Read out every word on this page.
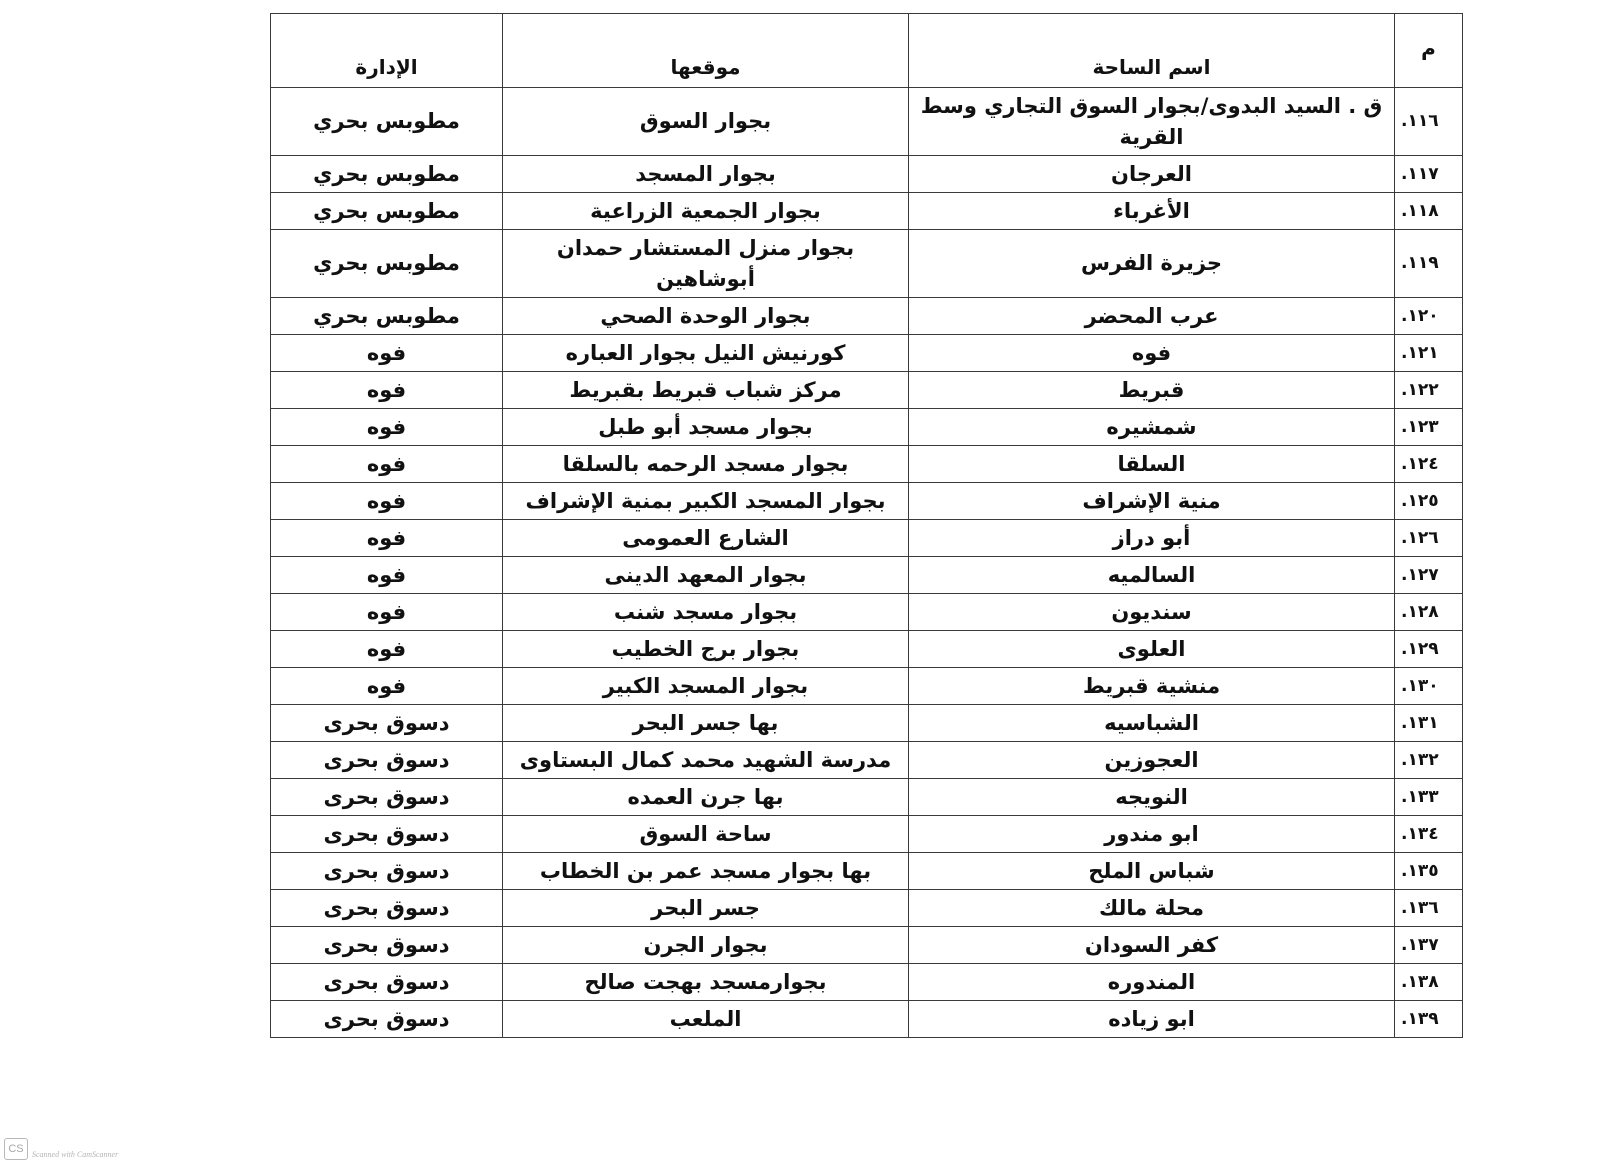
م	اسم الساحة	موقعها	الإدارة
١١٦.	ق . السيد البدوى/بجوار السوق التجاري وسط القرية	بجوار السوق	مطوبس بحري
١١٧.	العرجان	بجوار المسجد	مطوبس بحري
١١٨.	الأغرباء	بجوار الجمعية الزراعية	مطوبس بحري
١١٩.	جزيرة الفرس	بجوار منزل المستشار حمدان أبوشاهين	مطوبس بحري
١٢٠.	عرب المحضر	بجوار الوحدة الصحي	مطوبس بحري
١٢١.	فوه	كورنيش النيل بجوار العباره	فوه
١٢٢.	قبريط	مركز شباب قبريط بقبريط	فوه
١٢٣.	شمشيره	بجوار مسجد أبو طبل	فوه
١٢٤.	السلقا	بجوار مسجد الرحمه بالسلقا	فوه
١٢٥.	منية الإشراف	بجوار المسجد الكبير بمنية الإشراف	فوه
١٢٦.	أبو دراز	الشارع العمومى	فوه
١٢٧.	السالميه	بجوار المعهد الدينى	فوه
١٢٨.	سنديون	بجوار مسجد شنب	فوه
١٢٩.	العلوى	بجوار برج الخطيب	فوه
١٣٠.	منشية قبريط	بجوار المسجد الكبير	فوه
١٣١.	الشباسيه	بها جسر البحر	دسوق بحرى
١٣٢.	العجوزين	مدرسة الشهيد محمد كمال البستاوى	دسوق بحرى
١٣٣.	النويجه	بها جرن العمده	دسوق بحرى
١٣٤.	ابو مندور	ساحة السوق	دسوق بحرى
١٣٥.	شباس الملح	بها بجوار مسجد عمر بن الخطاب	دسوق بحرى
١٣٦.	محلة مالك	جسر البحر	دسوق بحرى
١٣٧.	كفر السودان	بجوار الجرن	دسوق بحرى
١٣٨.	المندوره	بجوارمسجد بهجت صالح	دسوق بحرى
١٣٩.	ابو زياده	الملعب	دسوق بحرى
CS	Scanned with CamScanner
